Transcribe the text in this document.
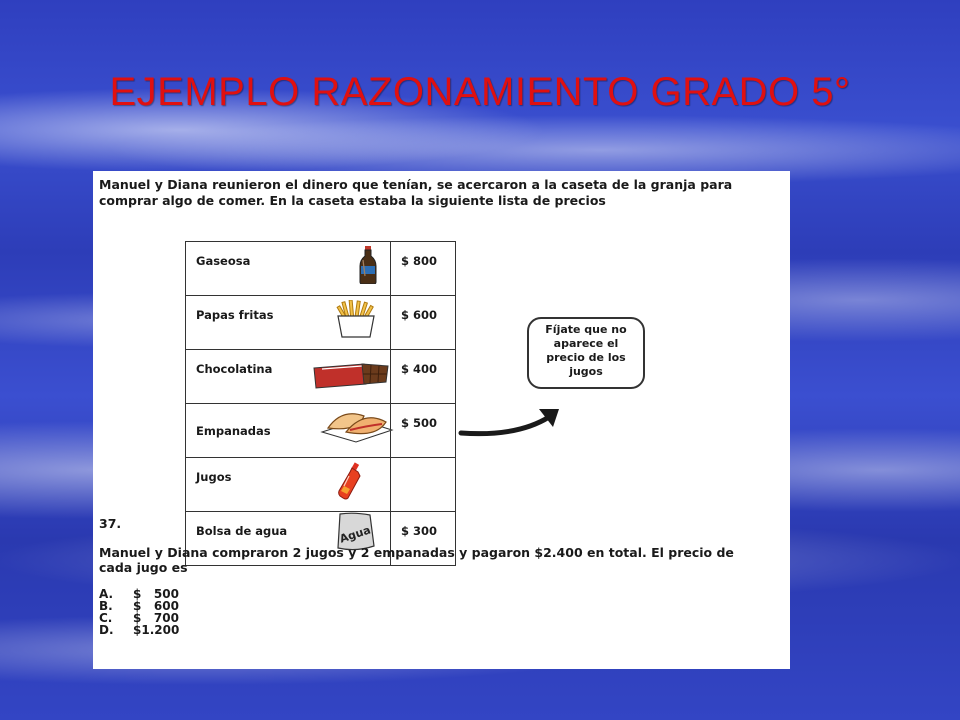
EJEMPLO RAZONAMIENTO GRADO 5°
Manuel y Diana reunieron el dinero que tenían, se acercaron a la caseta de la granja para comprar algo de comer. En la caseta estaba la siguiente lista de precios
Gaseosa	$ 800

Papas fritas	$ 600

Chocolatina	$ 400

Empanadas	$ 500

Jugos	

Bolsa de agua Agua	$ 300
Fíjate que no
aparece el
precio de los
jugos
37.
Manuel y Diana compraron 2 jugos y 2 empanadas y pagaron $2.400 en total. El precio de cada jugo es
A.	$   500
B.	$   600
C.	$   700
D.	$1.200
